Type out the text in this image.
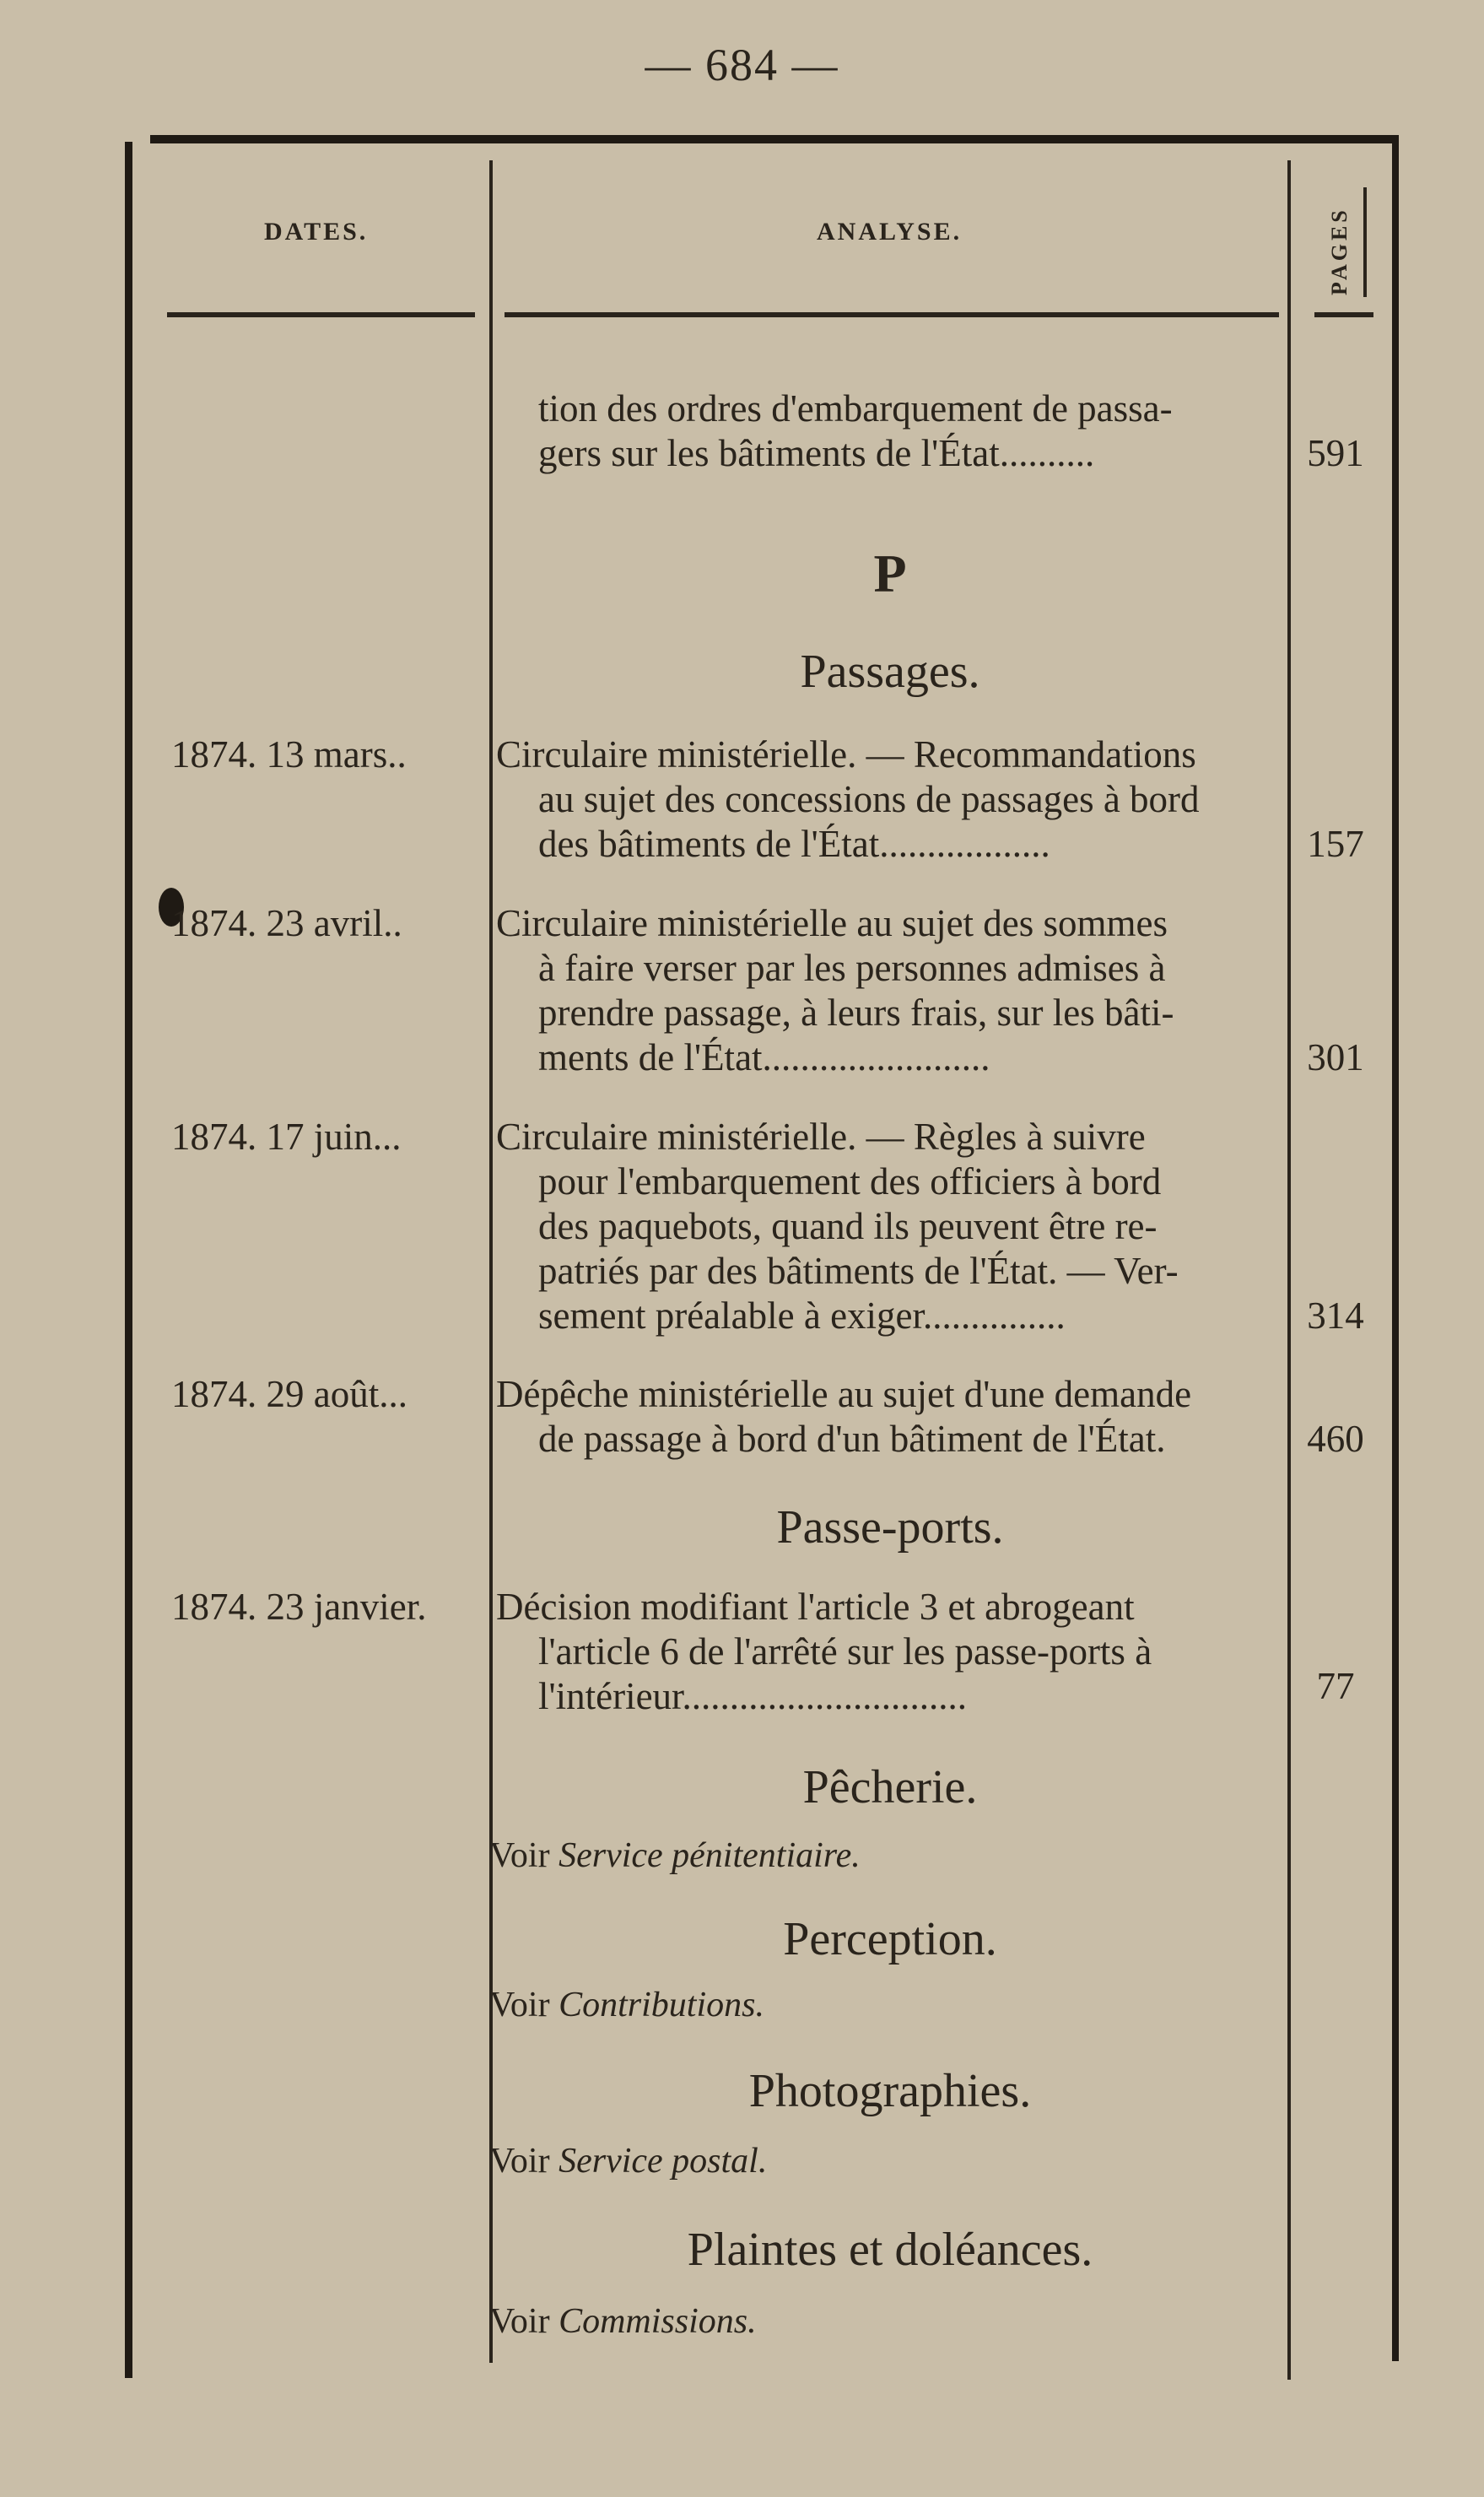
— 684 —
DATES.	ANALYSE.	PAGES
tion des ordres d'embarquement de passa-
gers sur les bâtiments de l'État..........	591
P
Passages.
1874. 13 mars.. Circulaire ministérielle. — Recommandations
au sujet des concessions de passages à bord
des bâtiments de l'État..................	157
1874. 23 avril.. Circulaire ministérielle au sujet des sommes
à faire verser par les personnes admises à
prendre passage, à leurs frais, sur les bâti-
ments de l'État........................	301
1874. 17 juin... Circulaire ministérielle. — Règles à suivre
pour l'embarquement des officiers à bord
des paquebots, quand ils peuvent être re-
patriés par des bâtiments de l'État. — Ver-
sement préalable à exiger...............	314
1874. 29 août... Dépêche ministérielle au sujet d'une demande
de passage à bord d'un bâtiment de l'État.	460
Passe-ports.
1874. 23 janvier. Décision modifiant l'article 3 et abrogeant
l'article 6 de l'arrêté sur les passe-ports à
l'intérieur..............................	77
Pêcherie.
Voir Service pénitentiaire.
Perception.
Voir Contributions.
Photographies.
Voir Service postal.
Plaintes et doléances.
Voir Commissions.
